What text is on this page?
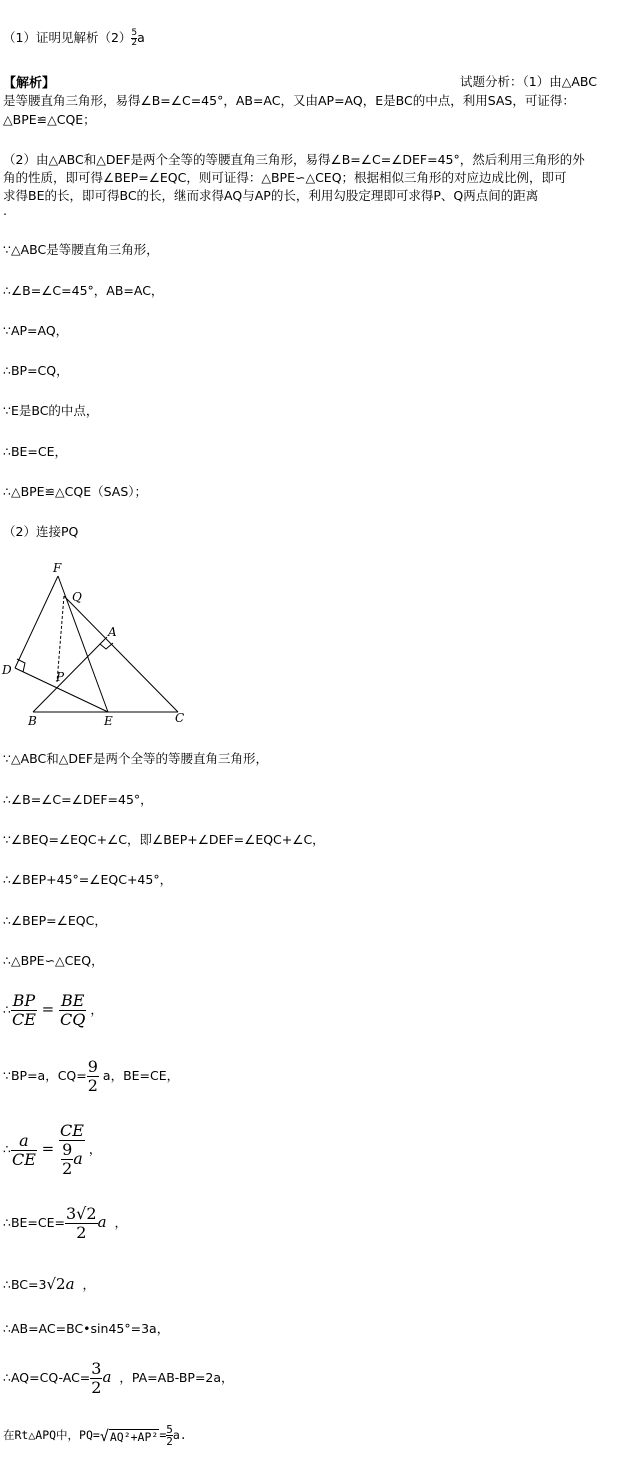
（1）证明见解析$(2) \frac{5}{2}a$
【解析】	试题分析：（1）由△ABC
是等腰直角三角形，易得∠B=∠C=45°，AB=AC，又由AP=AQ，E是BC的中点，利用SAS，可证得：
△BPE≌△CQE；
（2）由△ABC和△DEF是两个全等的等腰直角三角形，易得∠B=∠C=∠DEF=45°，然后利用三角形的外
角的性质，即可得∠BEP=∠EQC，则可证得：△BPE∽△CEQ；根据相似三角形的对应边成比例，即可
求得BE的长，即可得BC的长，继而求得AQ与AP的长，利用勾股定理即可求得P、Q两点间的距离
.
∵△ABC是等腰直角三角形，
∴∠B=∠C=45°，AB=AC，
∵AP=AQ，
∴BP=CQ，
∵E是BC的中点，
∴BE=CE，
∴△BPE≌△CQE（SAS）；
（2）连接PQ
F
Q
A
D	P
B	E	C
∵△ABC和△DEF是两个全等的等腰直角三角形，
∴∠B=∠C=∠DEF=45°，
∵∠BEQ=∠EQC+∠C，即∠BEP+∠DEF=∠EQC+∠C，
∴∠BEP+45°=∠EQC+45°，
∴∠BEP=∠EQC，
∴△BPE∽△CEQ，
∴ $\frac{BP}{CE} = \frac{BE}{CQ}$ ，
∵BP=a，$CQ= \frac{9}{2}$ a，BE=CE，
∴ $\frac{a}{CE} = \frac{CE}{\frac{9}{2} a}$ ，
∴BE=CE= $\frac{3√2}{2}$ a ，
∴BC=3√2a ，
∴AB=AC=BC•sin45°=3a，
∴AQ=CQ-AC= $\frac{3}{2}$ a ，PA=AB-BP=2a，
在Rt△APQ中，$PQ=√AQ^2+AP^2= \frac{5}{2}a$.
